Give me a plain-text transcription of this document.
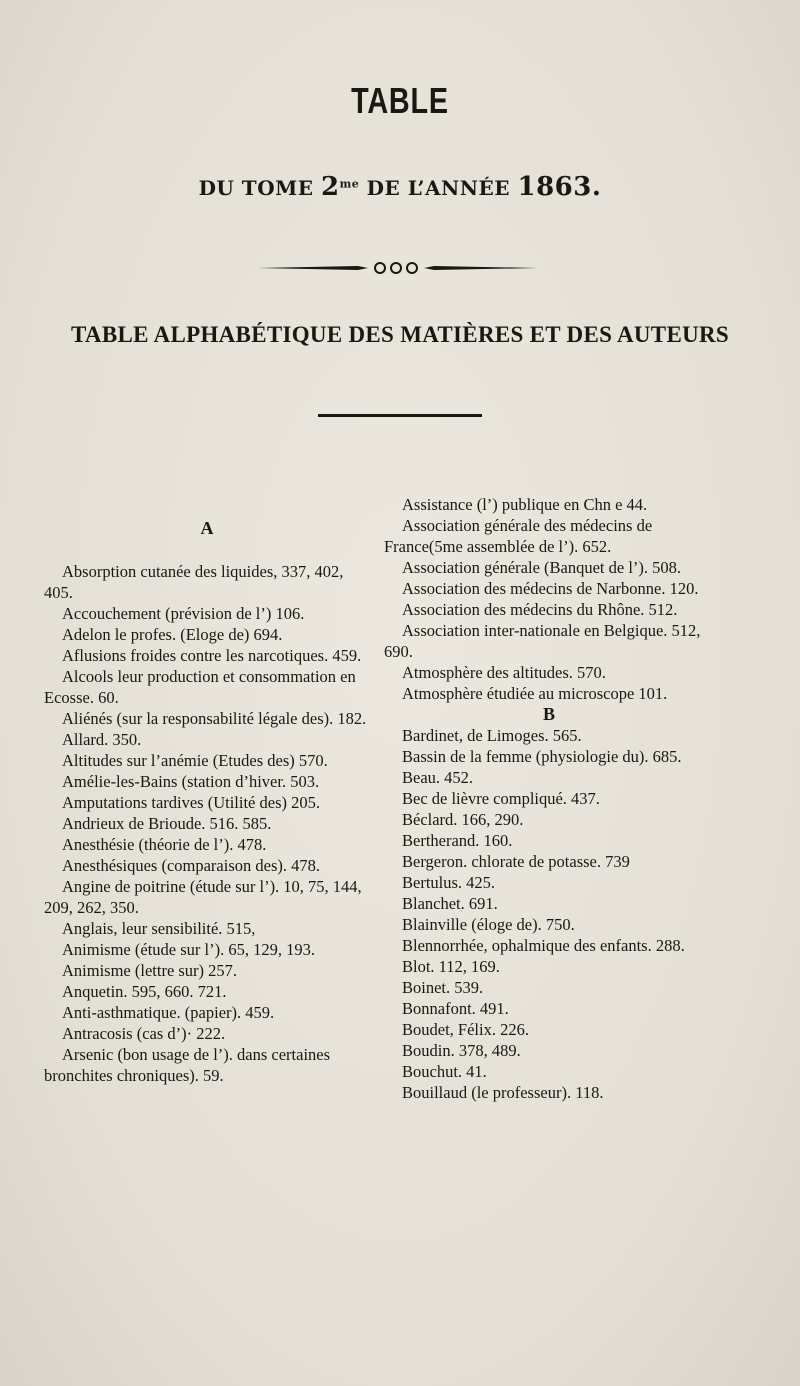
TABLE
DU TOME $2^{me}$ DE L’ANNÉE 1863.
TABLE ALPHABÉTIQUE DES MATIÈRES ET DES AUTEURS

A

Absorption cutanée des liquides, 337, 402, 405.

Accouchement (prévision de l’) 106.

Adelon le profes. (Eloge de) 694.

Aflusions froides contre les narcotiques. 459.

Alcools leur production et consommation en Ecosse. 60.

Aliénés (sur la responsabilité légale des). 182.

Allard. 350.

Altitudes sur l’anémie (Etudes des) 570.

Amélie-les-Bains (station d’hiver. 503.

Amputations tardives (Utilité des) 205.

Andrieux de Brioude. 516. 585.

Anesthésie (théorie de l’). 478.

Anesthésiques (comparaison des). 478.

Angine de poitrine (étude sur l’). 10, 75, 144, 209, 262, 350.

Anglais, leur sensibilité. 515,

Animisme (étude sur l’). 65, 129, 193.

Animisme (lettre sur) 257.

Anquetin. 595, 660. 721.

Anti-asthmatique. (papier). 459.

Antracosis (cas d’)· 222.

Arsenic (bon usage de l’). dans certaines bronchites chroniques). 59.

Assistance (l’) publique en Chn e 44.

Association générale des médecins de France(5me assemblée de l’). 652.

Association générale (Banquet de l’). 508.

Association des médecins de Narbonne. 120.

Association des médecins du Rhône. 512.

Association inter-nationale en Belgique. 512, 690.

Atmosphère des altitudes. 570.

Atmosphère étudiée au microscope 101.

B

Bardinet, de Limoges. 565.

Bassin de la femme (physiologie du). 685.

Beau. 452.

Bec de lièvre compliqué. 437.

Béclard. 166, 290.

Bertherand. 160.

Bergeron. chlorate de potasse. 739

Bertulus. 425.

Blanchet. 691.

Blainville (éloge de). 750.

Blennorrhée, ophalmique des enfants. 288.

Blot. 112, 169.

Boinet. 539.

Bonnafont. 491.

Boudet, Félix. 226.

Boudin. 378, 489.

Bouchut. 41.

Bouillaud (le professeur). 118.
